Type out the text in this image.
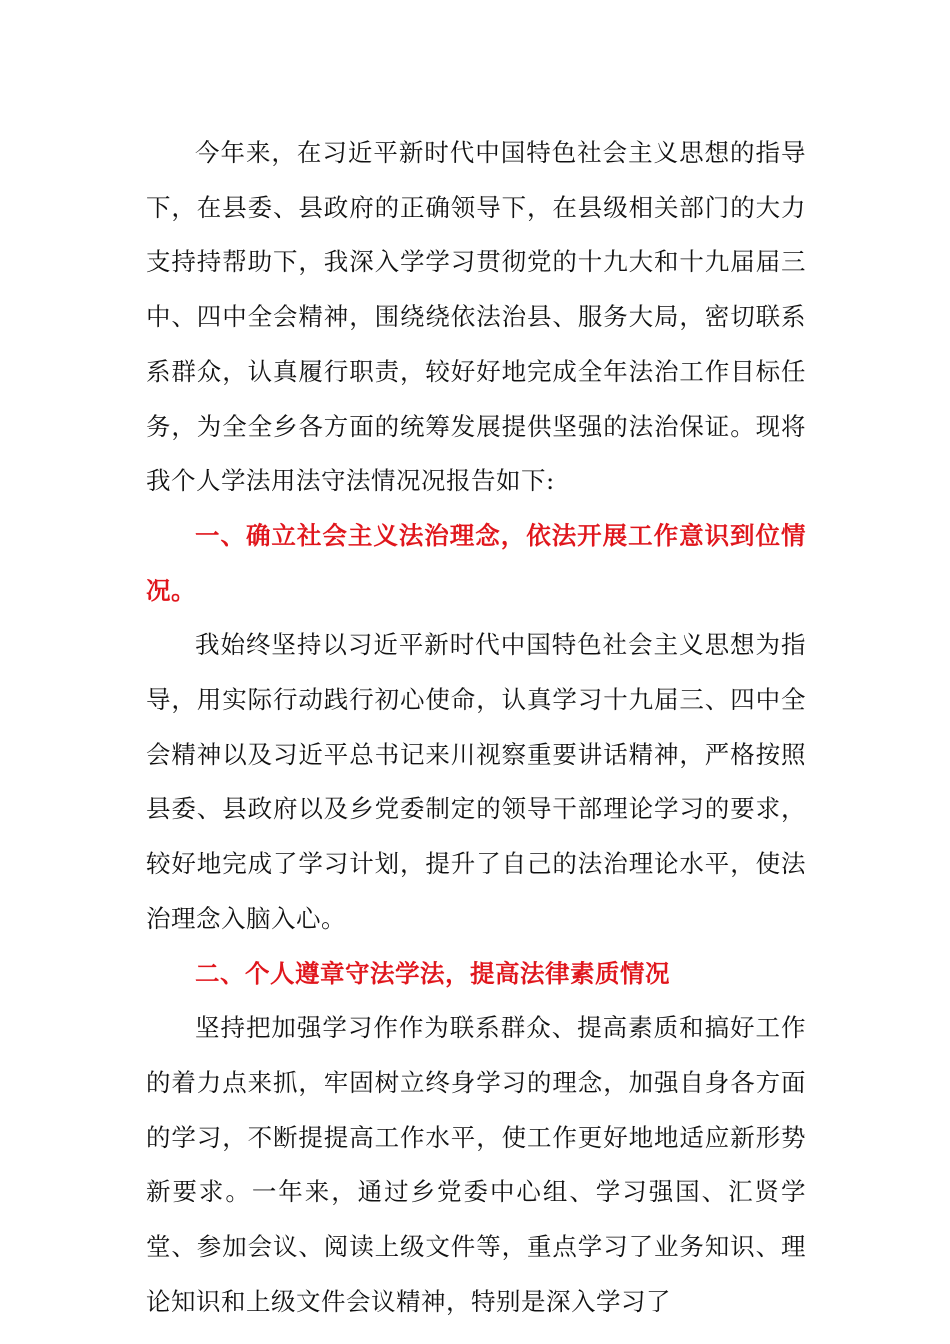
今年来，在习近平新时代中国特色社会主义思想的指导下，在县委、县政府的正确领导下，在县级相关部门的大力支持持帮助下，我深入学学习贯彻党的十九大和十九届届三中、四中全会精神，围绕绕依法治县、服务大局，密切联系系群众，认真履行职责，较好好地完成全年法治工作目标任务，为全全乡各方面的统筹发展提供坚强的法治保证。现将我个人学法用法守法情况况报告如下:

一、确立社会主义法治理念，依法开展工作意识到位情况。

我始终坚持以习近平新时代中国特色社会主义思想为指导，用实际行动践行初心使命，认真学习十九届三、四中全会精神以及习近平总书记来川视察重要讲话精神，严格按照县委、县政府以及乡党委制定的领导干部理论学习的要求，较好地完成了学习计划，提升了自己的法治理论水平，使法治理念入脑入心。

二、个人遵章守法学法，提高法律素质情况

坚持把加强学习作作为联系群众、提高素质和搞好工作的着力点来抓，牢固树立终身学习的理念，加强自身各方面的学习，不断提提高工作水平，使工作更好地地适应新形势新要求。一年来，通过乡党委中心组、学习强国、汇贤学堂、参加会议、阅读上级文件等，重点学习了业务知识、理论知识和上级文件会议精神，特别是深入学习了
